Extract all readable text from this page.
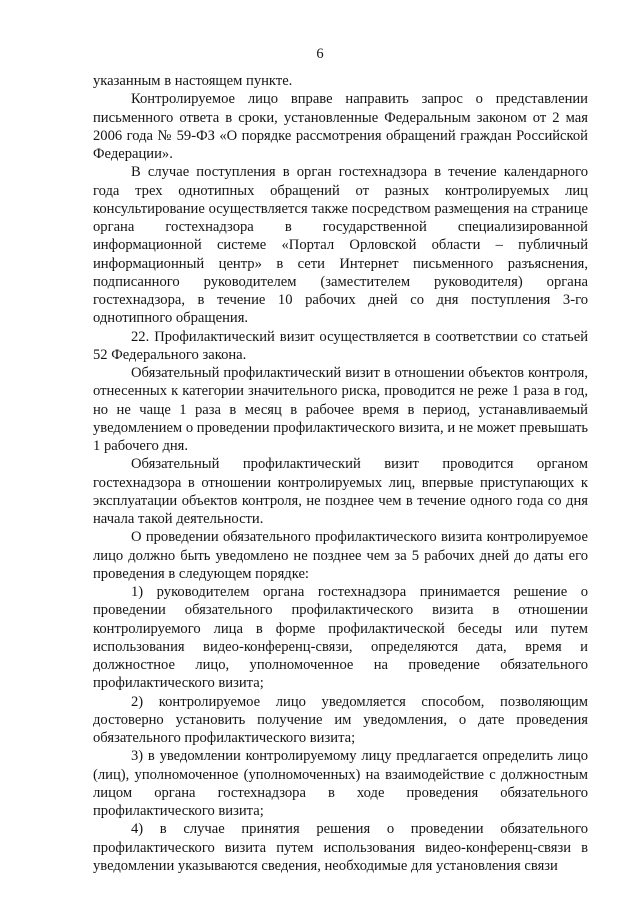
6

указанным в настоящем пункте.

Контролируемое лицо вправе направить запрос о представлении письменного ответа в сроки, установленные Федеральным законом от 2 мая 2006 года № 59-ФЗ «О порядке рассмотрения обращений граждан Российской Федерации».

В случае поступления в орган гостехнадзора в течение календарного года трех однотипных обращений от разных контролируемых лиц консультирование осуществляется также посредством размещения на странице органа гостехнадзора в государственной специализированной информационной системе «Портал Орловской области – публичный информационный центр» в сети Интернет письменного разъяснения, подписанного руководителем (заместителем руководителя) органа гостехнадзора, в течение 10 рабочих дней со дня поступления 3-го однотипного обращения.

22. Профилактический визит осуществляется в соответствии со статьей 52 Федерального закона.

Обязательный профилактический визит в отношении объектов контроля, отнесенных к категории значительного риска, проводится не реже 1 раза в год, но не чаще 1 раза в месяц в рабочее время в период, устанавливаемый уведомлением о проведении профилактического визита, и не может превышать 1 рабочего дня.

Обязательный профилактический визит проводится органом гостехнадзора в отношении контролируемых лиц, впервые приступающих к эксплуатации объектов контроля, не позднее чем в течение одного года со дня начала такой деятельности.

О проведении обязательного профилактического визита контролируемое лицо должно быть уведомлено не позднее чем за 5 рабочих дней до даты его проведения в следующем порядке:

1) руководителем органа гостехнадзора принимается решение о проведении обязательного профилактического визита в отношении контролируемого лица в форме профилактической беседы или путем использования видео-конференц-связи, определяются дата, время и должностное лицо, уполномоченное на проведение обязательного профилактического визита;

2) контролируемое лицо уведомляется способом, позволяющим достоверно установить получение им уведомления, о дате проведения обязательного профилактического визита;

3) в уведомлении контролируемому лицу предлагается определить лицо (лиц), уполномоченное (уполномоченных) на взаимодействие с должностным лицом органа гостехнадзора в ходе проведения обязательного профилактического визита;

4) в случае принятия решения о проведении обязательного профилактического визита путем использования видео-конференц-связи в уведомлении указываются сведения, необходимые для установления связи
